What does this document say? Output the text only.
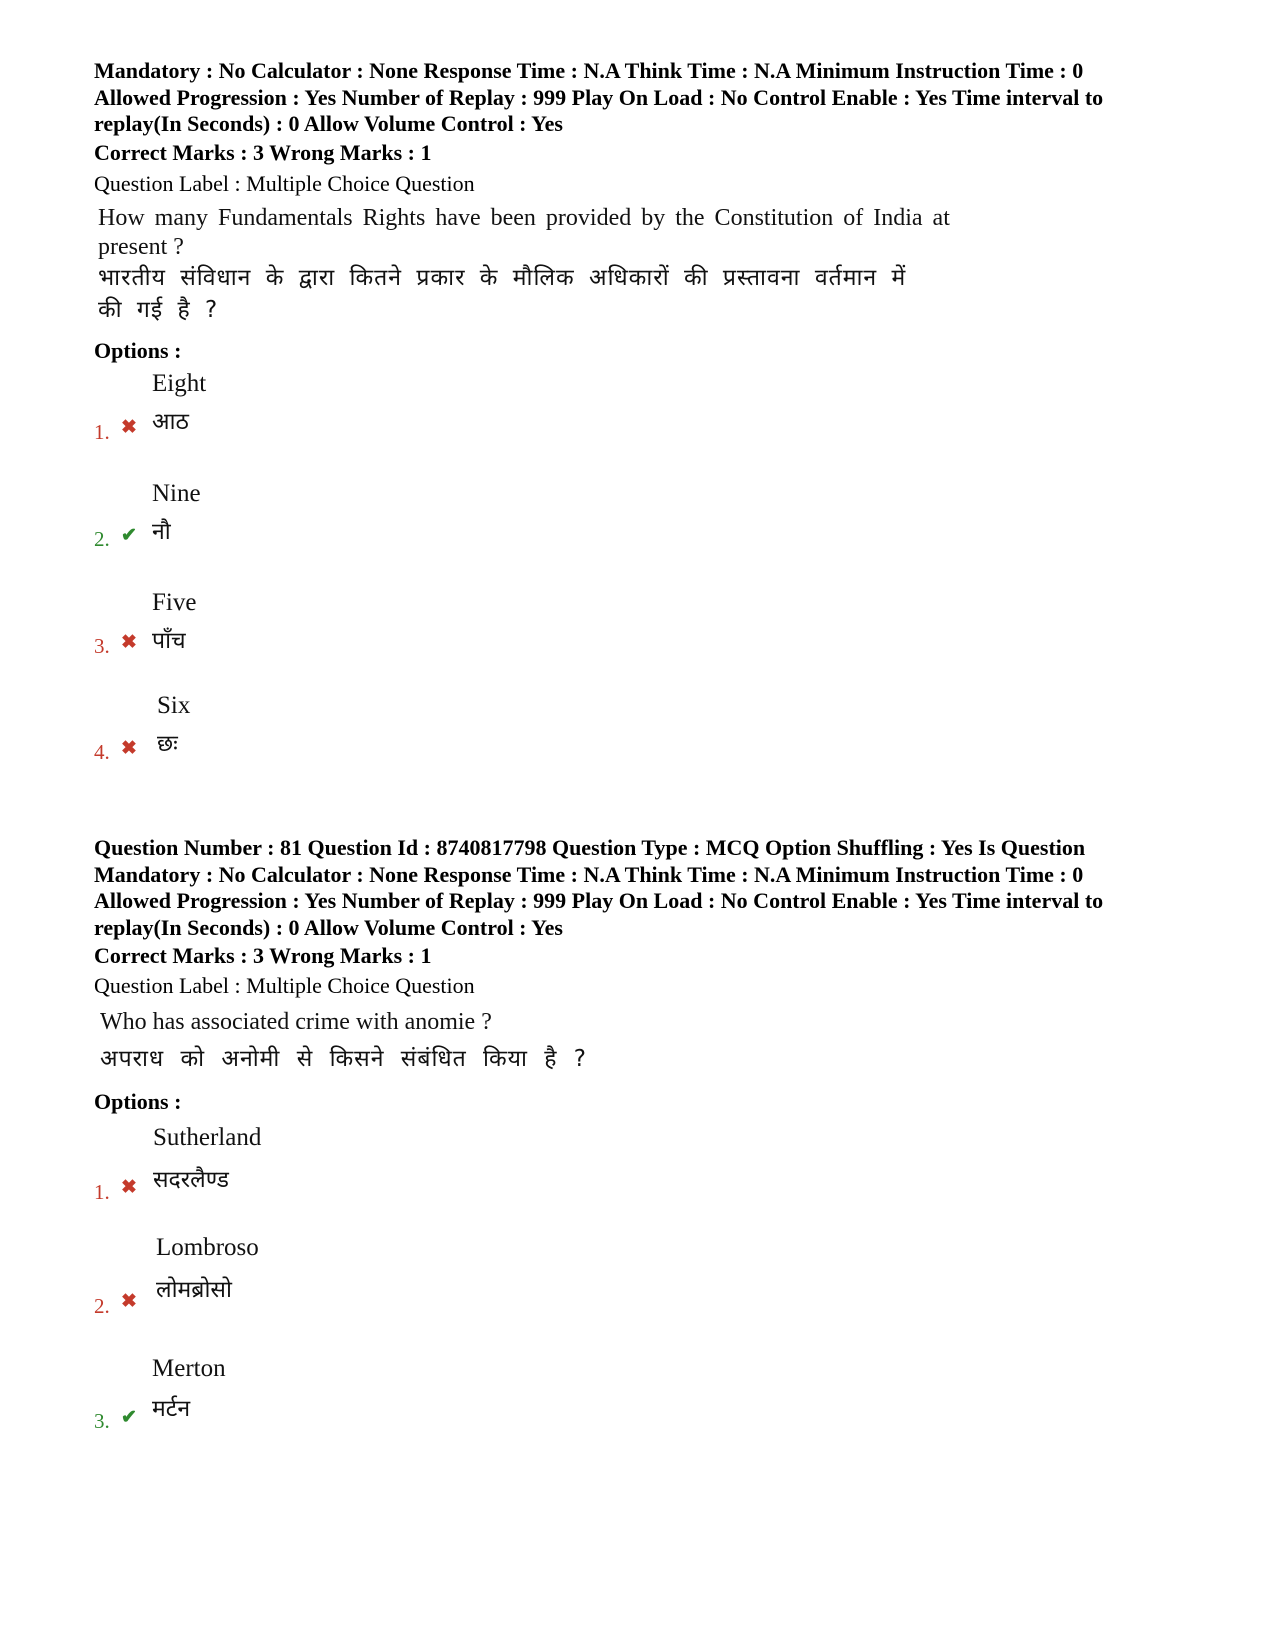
Mandatory : No Calculator : None Response Time : N.A Think Time : N.A Minimum Instruction Time : 0
Allowed Progression : Yes Number of Replay : 999 Play On Load : No Control Enable : Yes Time interval to
replay(In Seconds) : 0 Allow Volume Control : Yes
Correct Marks : 3 Wrong Marks : 1
Question Label : Multiple Choice Question
How many Fundamentals Rights have been provided by the Constitution of India at
present ?
भारतीय संविधान के द्वारा कितने प्रकार के मौलिक अधिकारों की प्रस्तावना वर्तमान में
की गई है ?
Options :
1. ✖
Eight
आठ
2. ✔
Nine
नौ
3. ✖
Five
पाँच
4. ✖
Six
छः
Question Number : 81 Question Id : 8740817798 Question Type : MCQ Option Shuffling : Yes Is Question
Mandatory : No Calculator : None Response Time : N.A Think Time : N.A Minimum Instruction Time : 0
Allowed Progression : Yes Number of Replay : 999 Play On Load : No Control Enable : Yes Time interval to
replay(In Seconds) : 0 Allow Volume Control : Yes
Correct Marks : 3 Wrong Marks : 1
Question Label : Multiple Choice Question
Who has associated crime with anomie ?
अपराध को अनोमी से किसने संबंधित किया है ?
Options :
1. ✖
Sutherland
सदरलैण्ड
2. ✖
Lombroso
लोमब्रोसो
3. ✔
Merton
मर्टन
